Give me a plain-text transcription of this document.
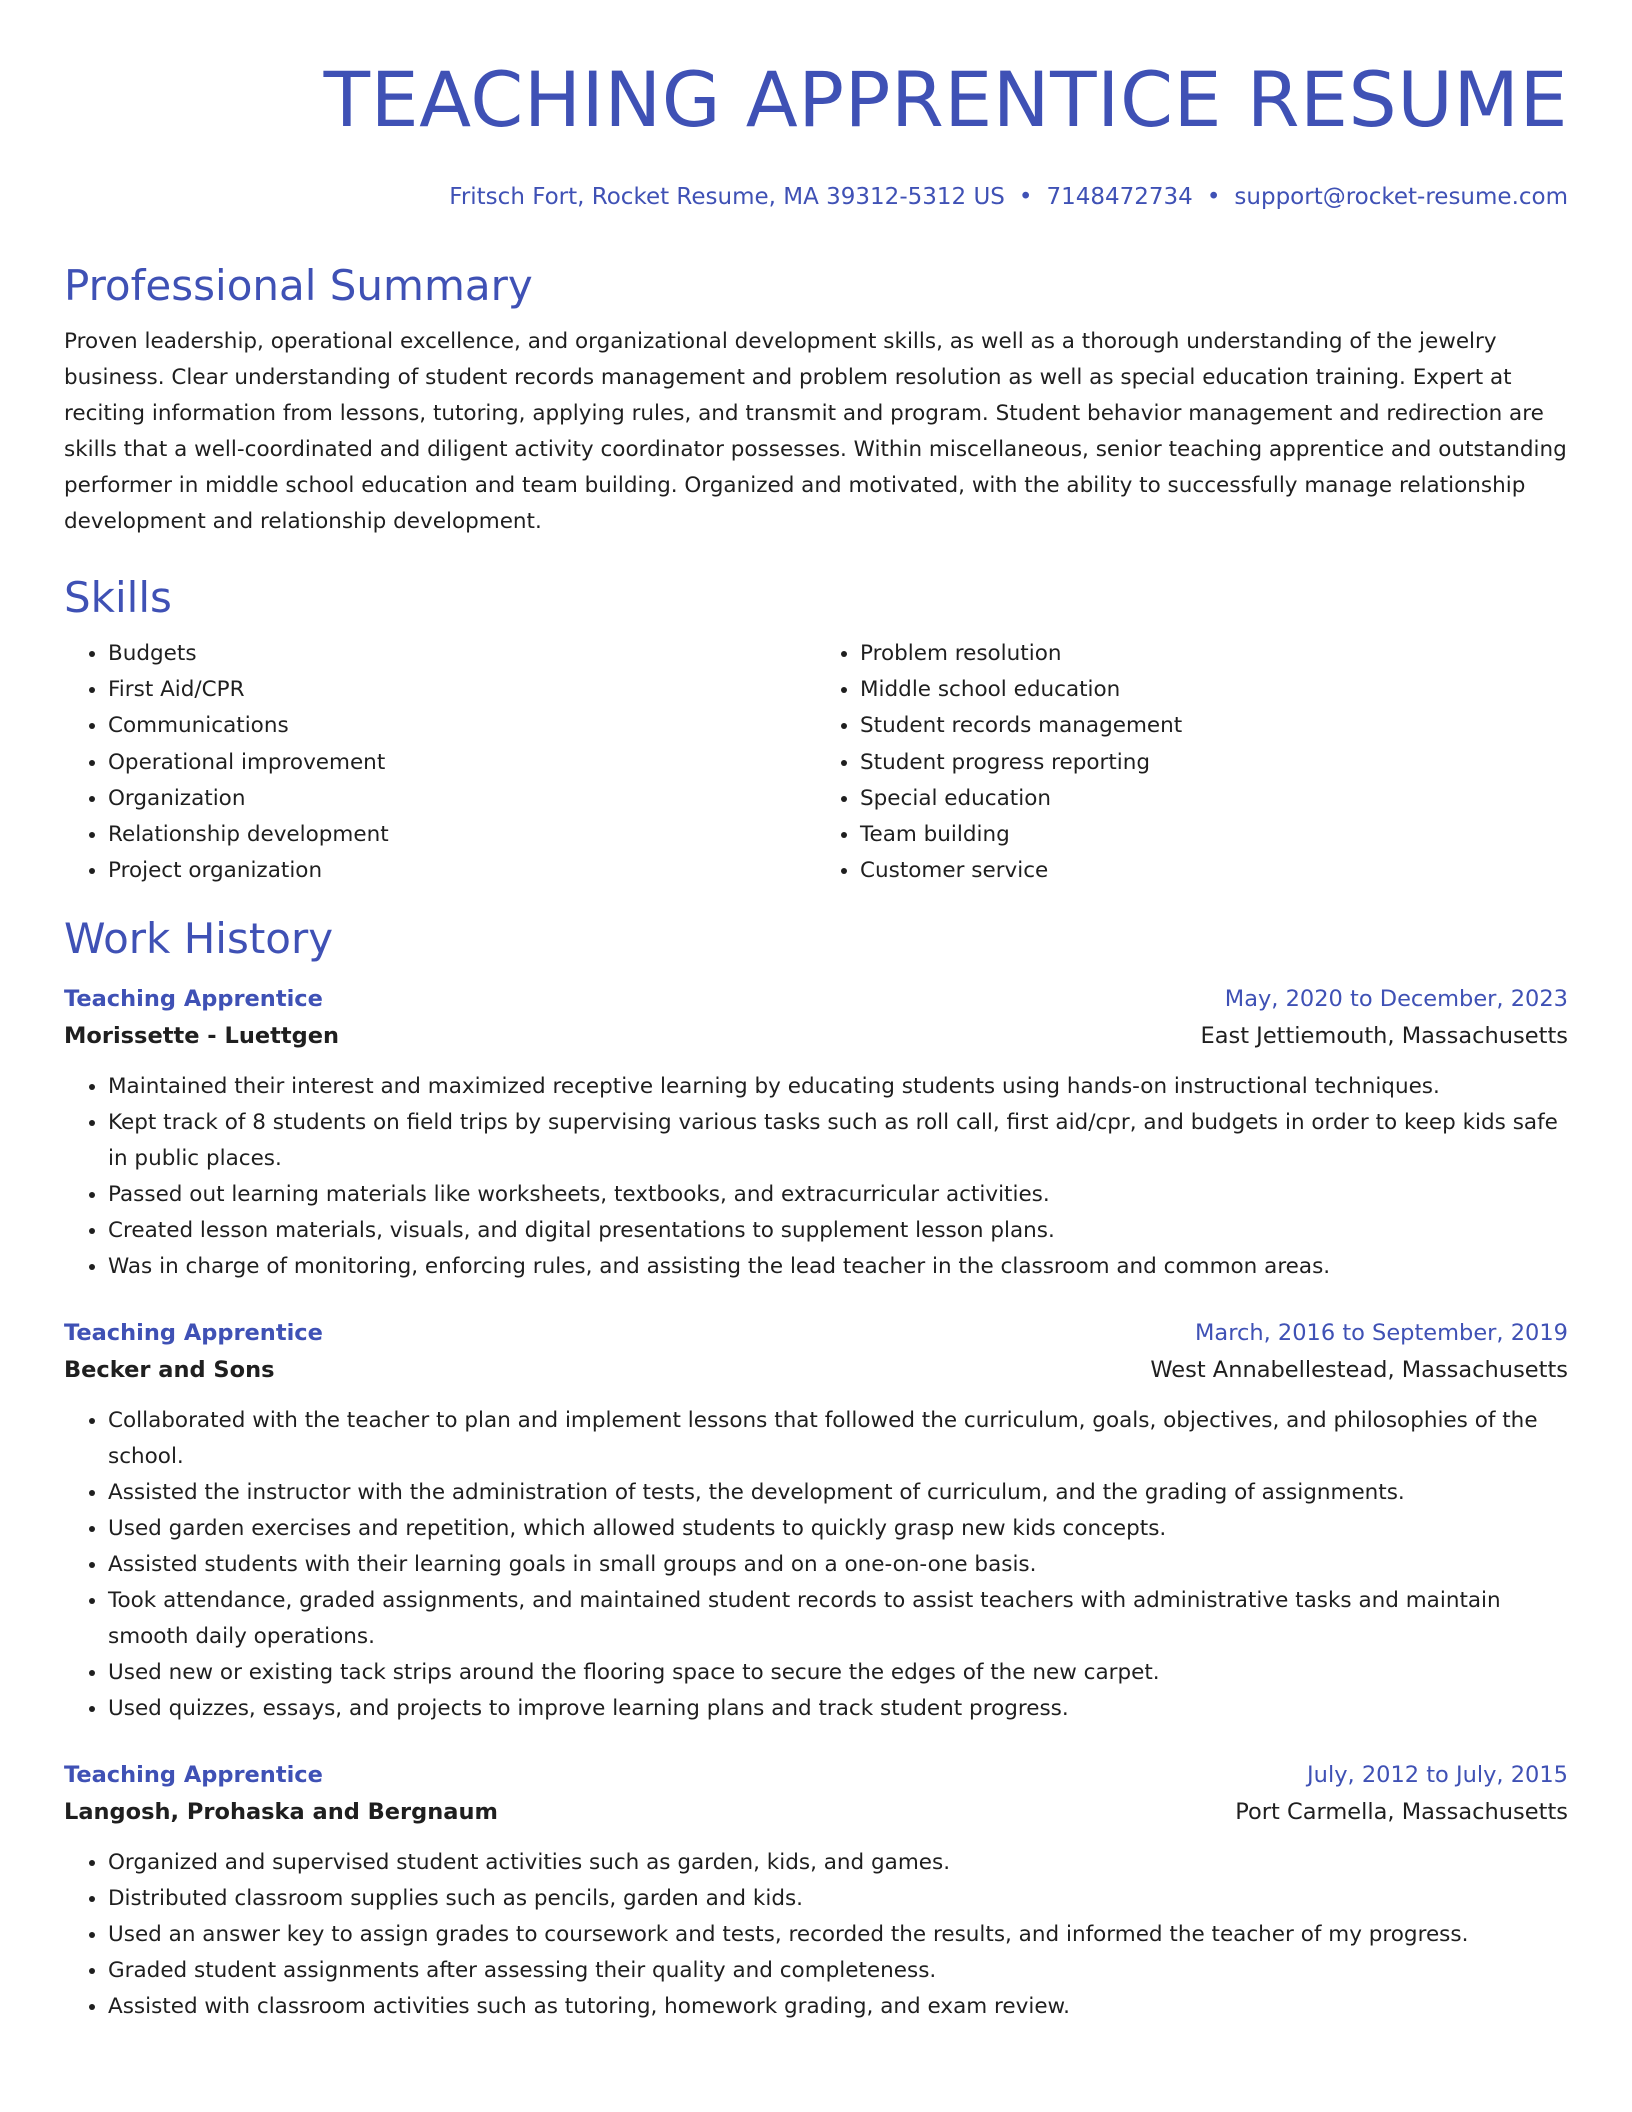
TEACHING APPRENTICE RESUME
Fritsch Fort, Rocket Resume, MA 39312-5312 US • 7148472734 • support@rocket-resume.com
Professional Summary

Proven leadership, operational excellence, and organizational development skills, as well as a thorough understanding of the jewelry business. Clear understanding of student records management and problem resolution as well as special education training. Expert at reciting information from lessons, tutoring, applying rules, and transmit and program. Student behavior management and redirection are skills that a well-coordinated and diligent activity coordinator possesses. Within miscellaneous, senior teaching apprentice and outstanding performer in middle school education and team building. Organized and motivated, with the ability to successfully manage relationship development and relationship development.

Skills
• Budgets
• First Aid/CPR
• Communications
• Operational improvement
• Organization
• Relationship development
• Project organization
• Problem resolution
• Middle school education
• Student records management
• Student progress reporting
• Special education
• Team building
• Customer service
Work History
Teaching Apprentice	May, 2020 to December, 2023
Morissette - Luettgen	East Jettiemouth, Massachusetts
• Maintained their interest and maximized receptive learning by educating students using hands-on instructional techniques.
• Kept track of 8 students on field trips by supervising various tasks such as roll call, first aid/cpr, and budgets in order to keep kids safe in public places.
• Passed out learning materials like worksheets, textbooks, and extracurricular activities.
• Created lesson materials, visuals, and digital presentations to supplement lesson plans.
• Was in charge of monitoring, enforcing rules, and assisting the lead teacher in the classroom and common areas.
Teaching Apprentice	March, 2016 to September, 2019
Becker and Sons	West Annabellestead, Massachusetts
• Collaborated with the teacher to plan and implement lessons that followed the curriculum, goals, objectives, and philosophies of the school.
• Assisted the instructor with the administration of tests, the development of curriculum, and the grading of assignments.
• Used garden exercises and repetition, which allowed students to quickly grasp new kids concepts.
• Assisted students with their learning goals in small groups and on a one-on-one basis.
• Took attendance, graded assignments, and maintained student records to assist teachers with administrative tasks and maintain smooth daily operations.
• Used new or existing tack strips around the flooring space to secure the edges of the new carpet.
• Used quizzes, essays, and projects to improve learning plans and track student progress.
Teaching Apprentice	July, 2012 to July, 2015
Langosh, Prohaska and Bergnaum	Port Carmella, Massachusetts
• Organized and supervised student activities such as garden, kids, and games.
• Distributed classroom supplies such as pencils, garden and kids.
• Used an answer key to assign grades to coursework and tests, recorded the results, and informed the teacher of my progress.
• Graded student assignments after assessing their quality and completeness.
• Assisted with classroom activities such as tutoring, homework grading, and exam review.
